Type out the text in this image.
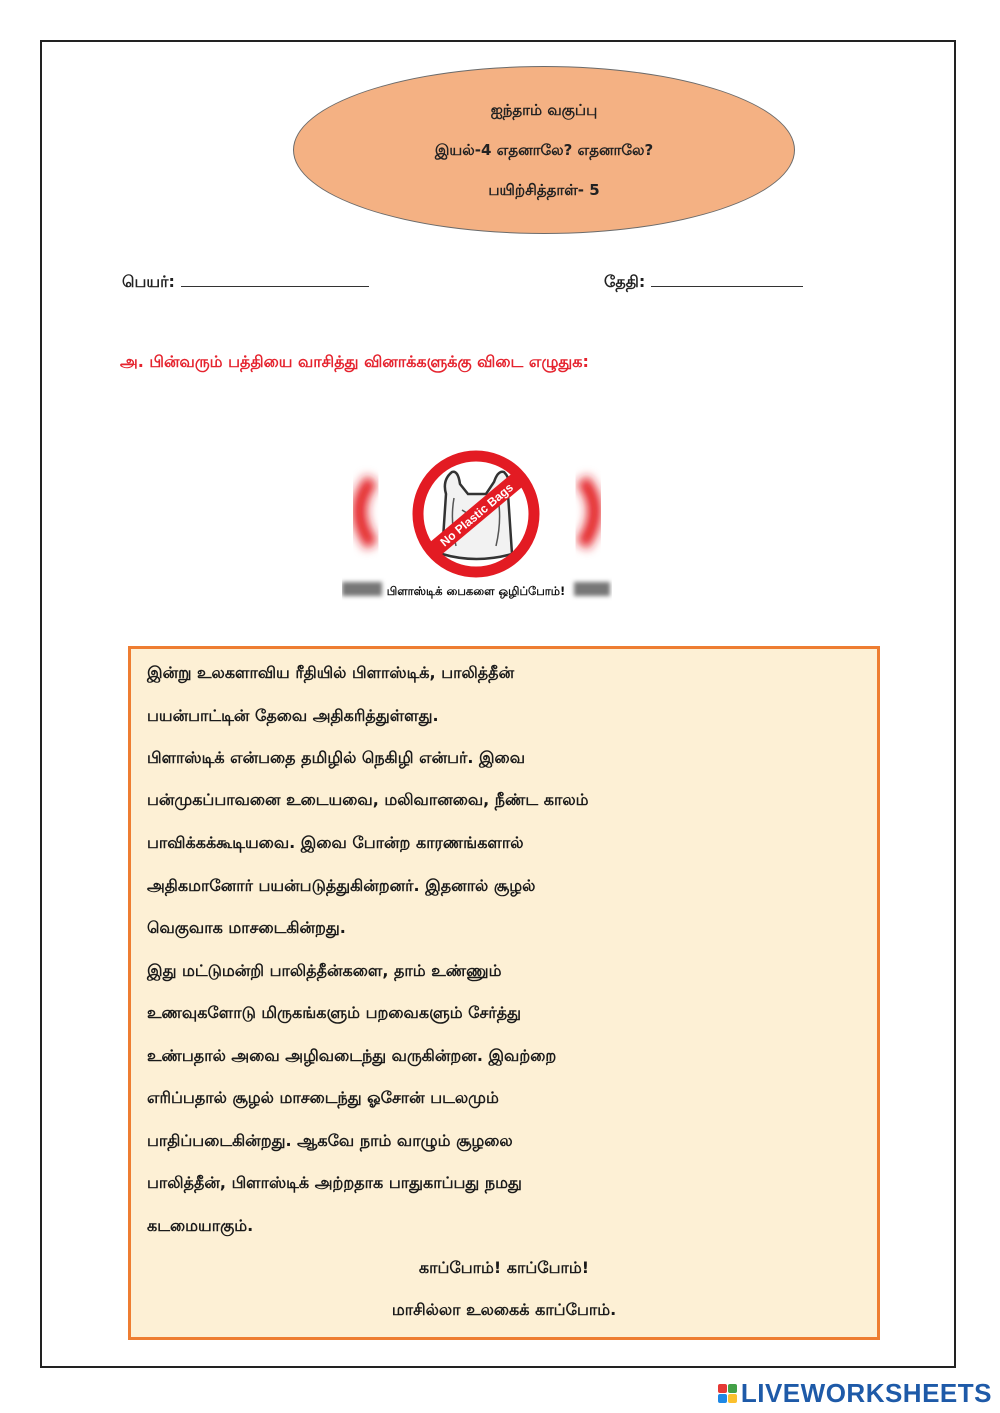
ஐந்தாம் வகுப்பு
இயல்-4 எதனாலே? எதனாலே?
பயிற்சித்தாள்- 5
பெயர்:	தேதி:
அ. பின்வரும் பத்தியை வாசித்து வினாக்களுக்கு விடை எழுதுக:
No Plastic Bags
பிளாஸ்டிக் பைகளை ஒழிப்போம்!
இன்று உலகளாவிய ரீதியில் பிளாஸ்டிக், பாலித்தீன்
பயன்பாட்டின் தேவை அதிகரித்துள்ளது.
பிளாஸ்டிக் என்பதை தமிழில் நெகிழி என்பர். இவை
பன்முகப்பாவனை உடையவை, மலிவானவை, நீண்ட காலம்
பாவிக்கக்கூடியவை. இவை போன்ற காரணங்களால்
அதிகமானோர் பயன்படுத்துகின்றனர். இதனால் சூழல்
வெகுவாக மாசடைகின்றது.
இது மட்டுமன்றி பாலித்தீன்களை, தாம் உண்ணும்
உணவுகளோடு மிருகங்களும் பறவைகளும் சேர்த்து
உண்பதால் அவை அழிவடைந்து வருகின்றன. இவற்றை
எரிப்பதால் சூழல் மாசடைந்து ஓசோன் படலமும்
பாதிப்படைகின்றது. ஆகவே நாம் வாழும் சூழலை
பாலித்தீன், பிளாஸ்டிக் அற்றதாக பாதுகாப்பது நமது
கடமையாகும்.
காப்போம்! காப்போம்!
மாசில்லா உலகைக் காப்போம்.
LIVEWORKSHEETS
